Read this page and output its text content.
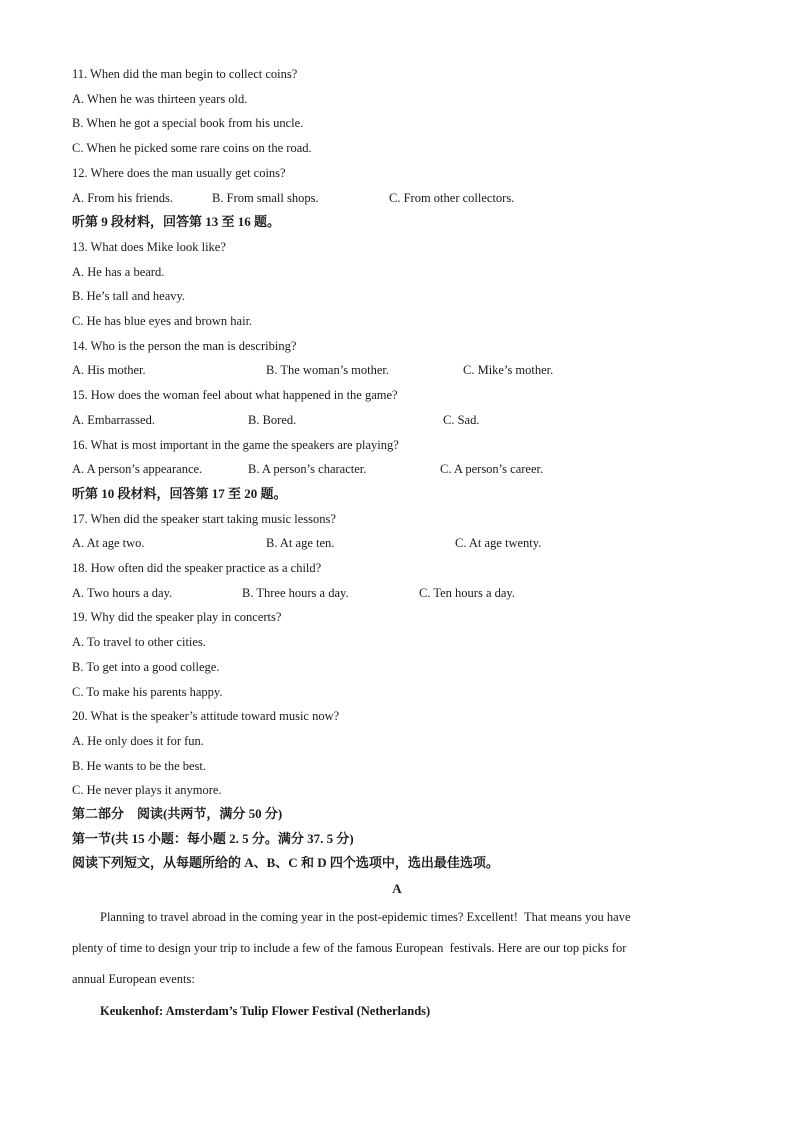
11. When did the man begin to collect coins?
A. When he was thirteen years old.
B. When he got a special book from his uncle.
C. When he picked some rare coins on the road.
12. Where does the man usually get coins?
A. From his friends.	B. From small shops.	C. From other collectors.
听第 9 段材料，回答第 13 至 16 题。
13. What does Mike look like?
A. He has a beard.
B. He’s tall and heavy.
C. He has blue eyes and brown hair.
14. Who is the person the man is describing?
A. His mother.	B. The woman’s mother.	C. Mike’s mother.
15. How does the woman feel about what happened in the game?
A. Embarrassed.	B. Bored.	C. Sad.
16. What is most important in the game the speakers are playing?
A. A person’s appearance.	B. A person’s character.	C. A person’s career.
听第 10 段材料，回答第 17 至 20 题。
17. When did the speaker start taking music lessons?
A. At age two.	B. At age ten.	C. At age twenty.
18. How often did the speaker practice as a child?
A. Two hours a day.	B. Three hours a day.	C. Ten hours a day.
19. Why did the speaker play in concerts?
A. To travel to other cities.
B. To get into a good college.
C. To make his parents happy.
20. What is the speaker’s attitude toward music now?
A. He only does it for fun.
B. He wants to be the best.
C. He never plays it anymore.
第二部分　阅读(共两节，满分 50 分)
第一节(共 15 小题：每小题 2. 5 分。满分 37. 5 分)
阅读下列短文，从每题所给的 A、B、C 和 D 四个选项中，选出最佳选项。
A
Planning to travel abroad in the coming year in the post-epidemic times? Excellent!  That means you have
plenty of time to design your trip to include a few of the famous European  festivals. Here are our top picks for
annual European events:
Keukenhof: Amsterdam’s Tulip Flower Festival (Netherlands)
